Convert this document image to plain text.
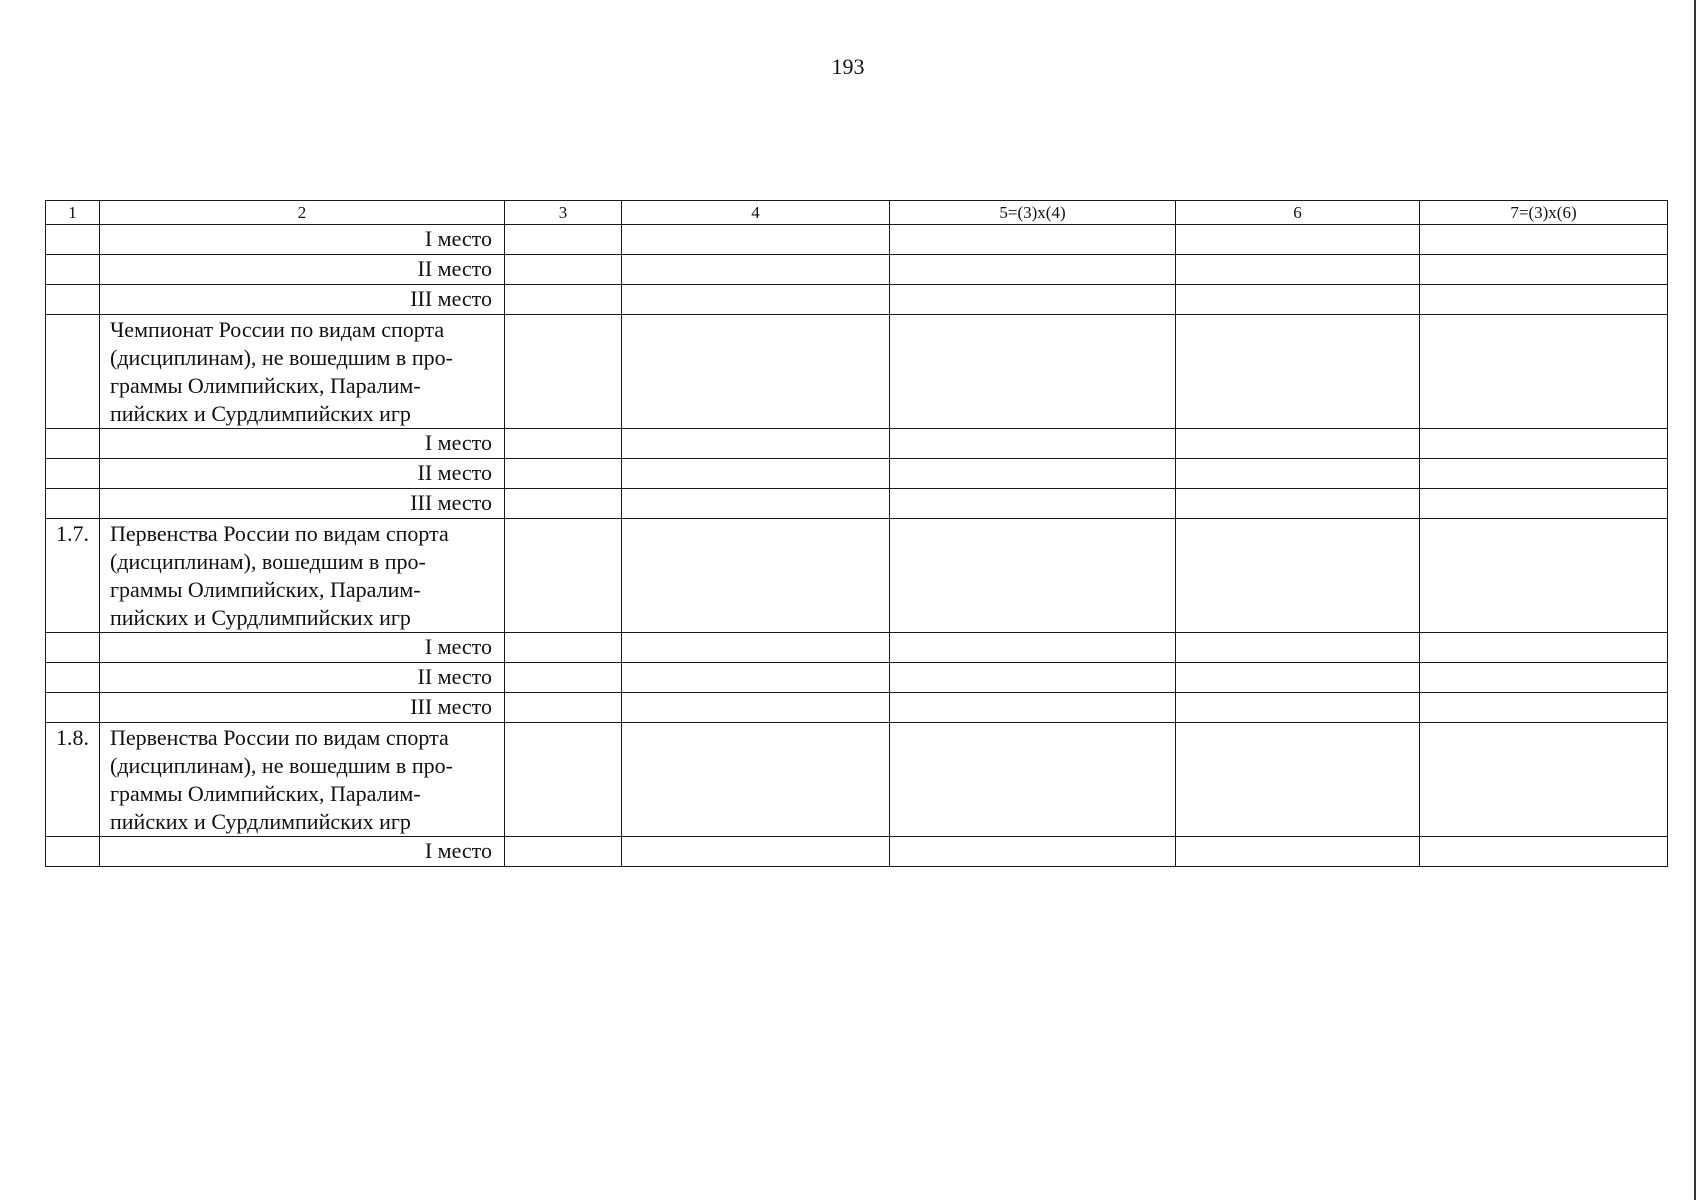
193
1	2	3	4	5=(3)x(4)	6	7=(3)x(6)
	I место					
	II место					
	III место					

	Чемпионат России по видам спорта
(дисциплинам), не вошедшим в про-
граммы Олимпийских, Паралим-
пийских и Сурдлимпийских игр					

	I место					
	II место					
	III место					
1.7.	Первенства России по видам спорта
(дисциплинам), вошедшим в про-
граммы Олимпийских, Паралим-
пийских и Сурдлимпийских игр					

	I место					
	II место					
	III место					
1.8.	Первенства России по видам спорта
(дисциплинам), не вошедшим в про-
граммы Олимпийских, Паралим-
пийских и Сурдлимпийских игр					

	I место					
